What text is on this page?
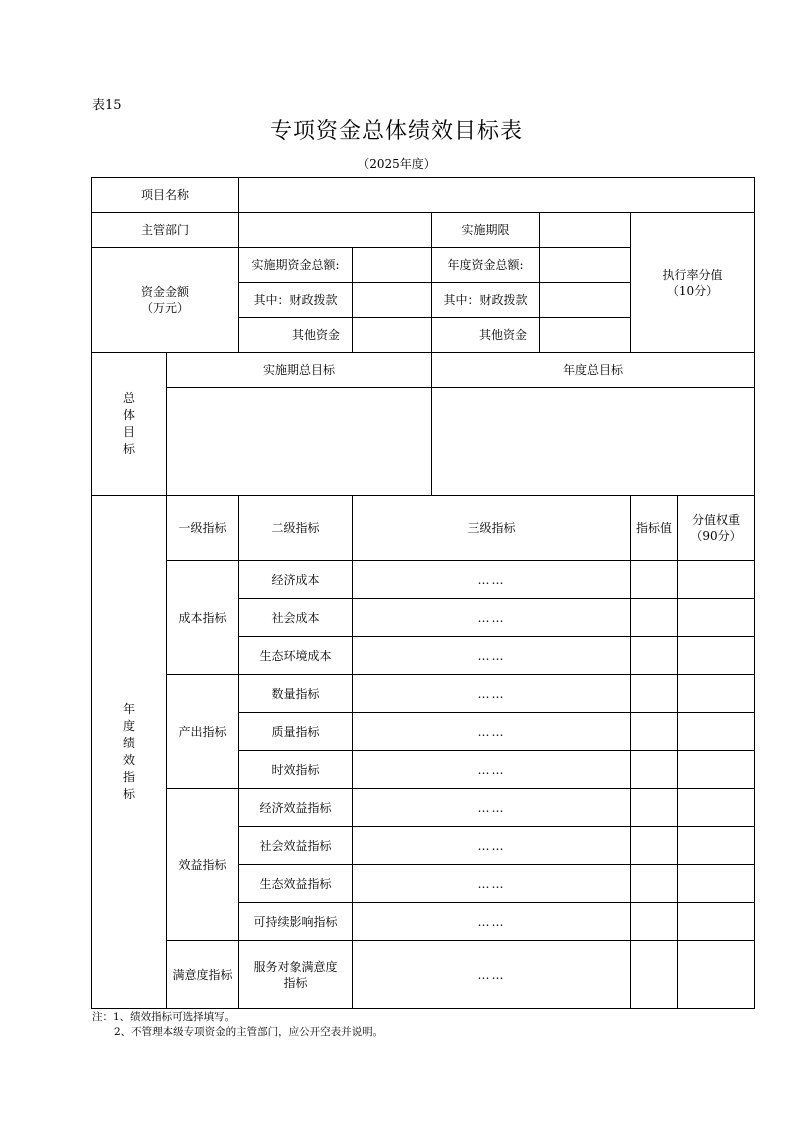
表15
专项资金总体绩效目标表
（2025年度）
项目名称							
主管部门				实施期限		执行率分值
（10分）	
资金金额
（万元）		实施期资金总额:		年度资金总额:			
		其中：财政拨款		其中：财政拨款			
		其他资金		其他资金			
总体目标	实施期总目标			年度总目标			

年度绩效指标	一级指标	二级指标	三级指标			指标值	分值权重
（90分）
	成本指标	经济成本	……				
		社会成本	……				
		生态环境成本	……				
	产出指标	数量指标	……				
		质量指标	……				
		时效指标	……				
	效益指标	经济效益指标	……				
		社会效益指标	……				
		生态效益指标	……				
		可持续影响指标	……				
	满意度指标	服务对象满意度指标	……				
注：1、绩效指标可选择填写。
2、不管理本级专项资金的主管部门，应公开空表并说明。
